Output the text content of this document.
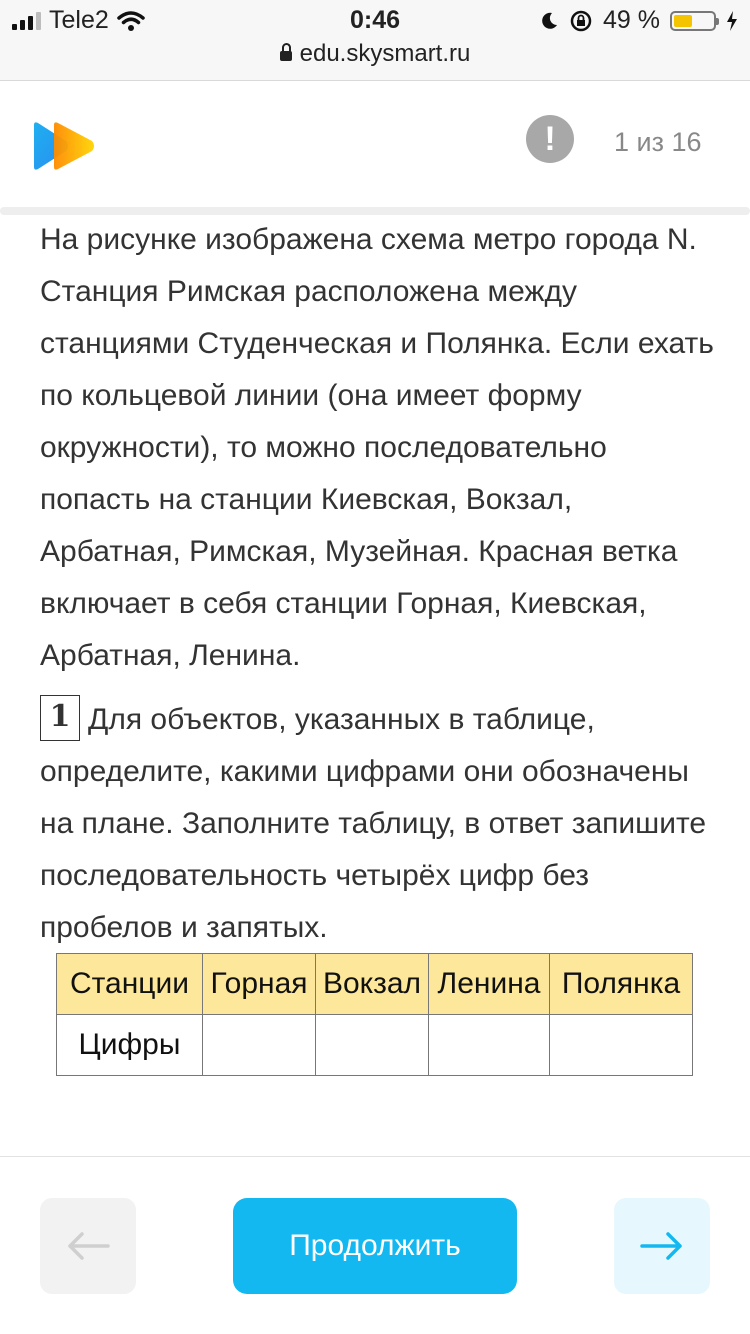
Tele2	0:46	49 %
edu.skysmart.ru
!	1 из 16
На рисунке изображена схема метро города N. Станция Римская расположена между станциями Студенческая и Полянка. Если ехать по кольцевой линии (она имеет форму окружности), то можно последовательно попасть на станции Киевская, Вокзал, Арбатная, Римская, Музейная. Красная ветка включает в себя станции Горная, Киевская, Арбатная, Ленина.
1 Для объектов, указанных в таблице, определите, какими цифрами они обозначены на плане. Заполните таблицу, в ответ запишите последовательность четырёх цифр без пробелов и запятых.
Станции	Горная	Вокзал	Ленина	Полянка
Цифры				
Продолжить
